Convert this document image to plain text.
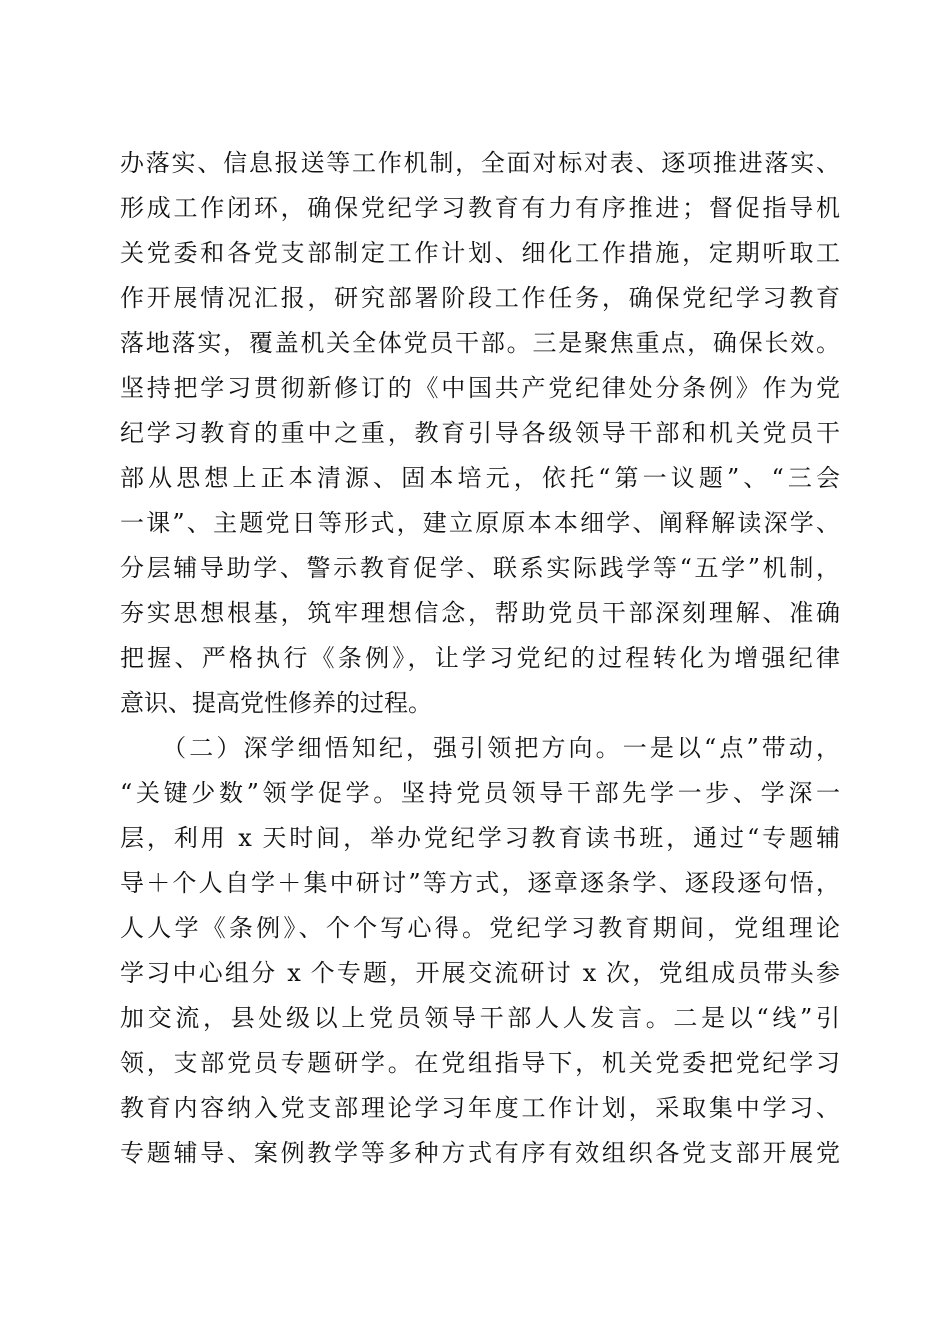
办落实、信息报送等工作机制，全面对标对表、逐项推进落实、
形成工作闭环，确保党纪学习教育有力有序推进；督促指导机
关党委和各党支部制定工作计划、细化工作措施，定期听取工
作开展情况汇报，研究部署阶段工作任务，确保党纪学习教育
落地落实，覆盖机关全体党员干部。三是聚焦重点，确保长效。
坚持把学习贯彻新修订的《中国共产党纪律处分条例》作为党
纪学习教育的重中之重，教育引导各级领导干部和机关党员干
部从思想上正本清源、固本培元，依托“第一议题”、“三会
一课”、主题党日等形式，建立原原本本细学、阐释解读深学、
分层辅导助学、警示教育促学、联系实际践学等“五学”机制，
夯实思想根基，筑牢理想信念，帮助党员干部深刻理解、准确
把握、严格执行《条例》，让学习党纪的过程转化为增强纪律
意识、提高党性修养的过程。
　　（二）深学细悟知纪，强引领把方向。一是以“点”带动，
“关键少数”领学促学。坚持党员领导干部先学一步、学深一
层，利用 x 天时间，举办党纪学习教育读书班，通过“专题辅
导＋个人自学＋集中研讨”等方式，逐章逐条学、逐段逐句悟，
人人学《条例》、个个写心得。党纪学习教育期间，党组理论
学习中心组分 x 个专题，开展交流研讨 x 次，党组成员带头参
加交流，县处级以上党员领导干部人人发言。二是以“线”引
领，支部党员专题研学。在党组指导下，机关党委把党纪学习
教育内容纳入党支部理论学习年度工作计划，采取集中学习、
专题辅导、案例教学等多种方式有序有效组织各党支部开展党
